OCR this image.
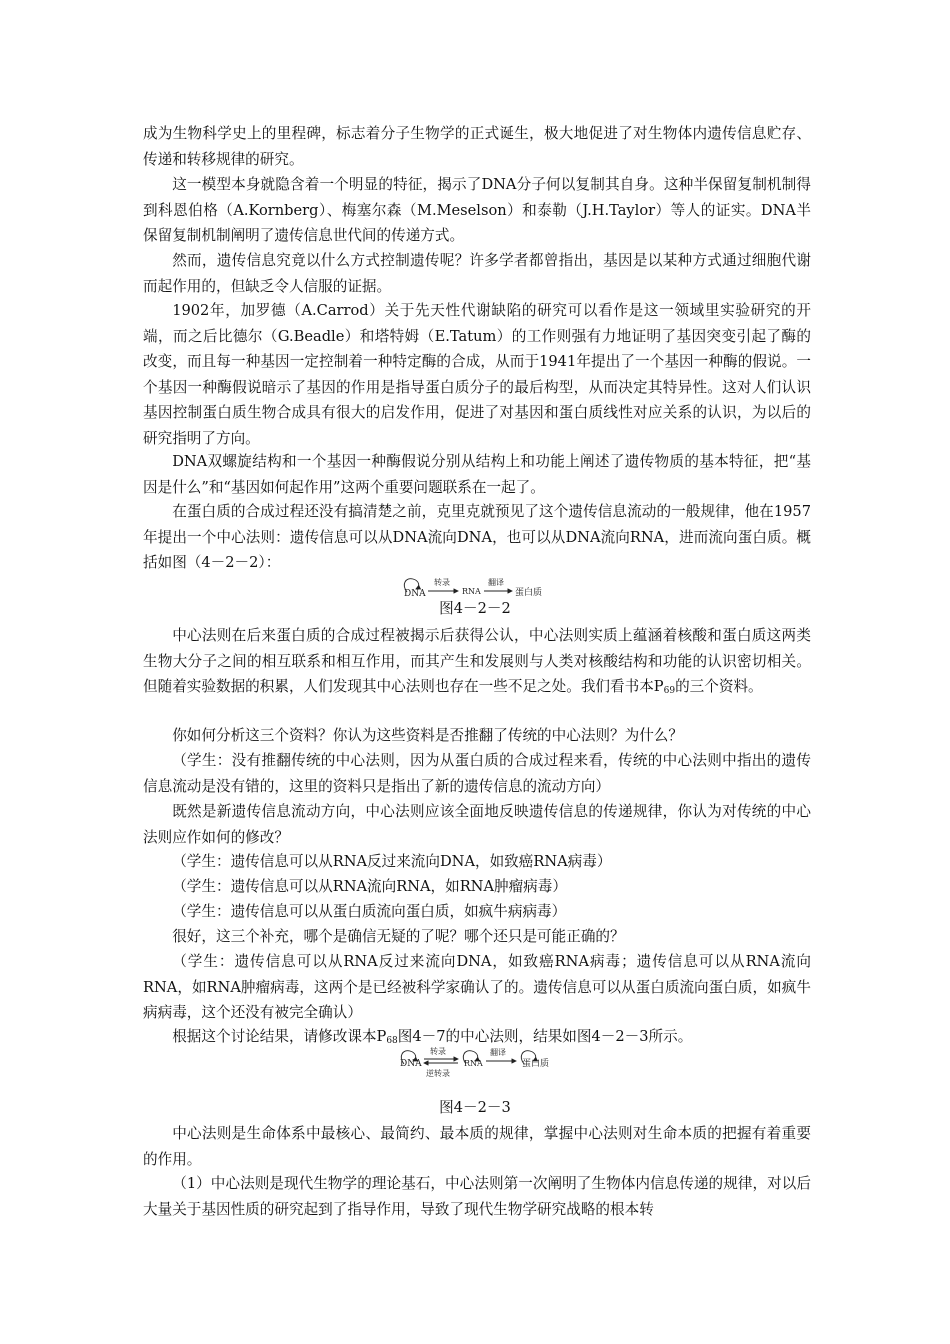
成为生物科学史上的里程碑，标志着分子生物学的正式诞生，极大地促进了对生物体内遗传信息贮存、传递和转移规律的研究。

这一模型本身就隐含着一个明显的特征，揭示了DNA分子何以复制其自身。这种半保留复制机制得到科恩伯格（A.Kornberg）、梅塞尔森（M.Meselson）和泰勒（J.H.Taylor）等人的证实。DNA半保留复制机制阐明了遗传信息世代间的传递方式。

然而，遗传信息究竟以什么方式控制遗传呢？许多学者都曾指出，基因是以某种方式通过细胞代谢而起作用的，但缺乏令人信服的证据。

1902年，加罗德（A.Carrod）关于先天性代谢缺陷的研究可以看作是这一领域里实验研究的开端，而之后比德尔（G.Beadle）和塔特姆（E.Tatum）的工作则强有力地证明了基因突变引起了酶的改变，而且每一种基因一定控制着一种特定酶的合成，从而于1941年提出了一个基因一种酶的假说。一个基因一种酶假说暗示了基因的作用是指导蛋白质分子的最后构型，从而决定其特异性。这对人们认识基因控制蛋白质生物合成具有很大的启发作用，促进了对基因和蛋白质线性对应关系的认识，为以后的研究指明了方向。

DNA双螺旋结构和一个基因一种酶假说分别从结构上和功能上阐述了遗传物质的基本特征，把“基因是什么”和“基因如何起作用”这两个重要问题联系在一起了。

在蛋白质的合成过程还没有搞清楚之前，克里克就预见了这个遗传信息流动的一般规律，他在1957年提出一个中心法则：遗传信息可以从DNA流向DNA，也可以从DNA流向RNA，进而流向蛋白质。概括如图（4－2－2）：

DNA
转录
RNA
翻译
蛋白质
图4－2－2

中心法则在后来蛋白质的合成过程被揭示后获得公认，中心法则实质上蕴涵着核酸和蛋白质这两类生物大分子之间的相互联系和相互作用，而其产生和发展则与人类对核酸结构和功能的认识密切相关。但随着实验数据的积累，人们发现其中心法则也存在一些不足之处。我们看书本$P_{69}$的三个资料。

你如何分析这三个资料？你认为这些资料是否推翻了传统的中心法则？为什么？

（学生：没有推翻传统的中心法则，因为从蛋白质的合成过程来看，传统的中心法则中指出的遗传信息流动是没有错的，这里的资料只是指出了新的遗传信息的流动方向）

既然是新遗传信息流动方向，中心法则应该全面地反映遗传信息的传递规律，你认为对传统的中心法则应作如何的修改？

（学生：遗传信息可以从RNA反过来流向DNA，如致癌RNA病毒）

（学生：遗传信息可以从RNA流向RNA，如RNA肿瘤病毒）

（学生：遗传信息可以从蛋白质流向蛋白质，如疯牛病病毒）

很好，这三个补充，哪个是确信无疑的了呢？哪个还只是可能正确的？

（学生：遗传信息可以从RNA反过来流向DNA，如致癌RNA病毒；遗传信息可以从RNA流向RNA，如RNA肿瘤病毒，这两个是已经被科学家确认了的。遗传信息可以从蛋白质流向蛋白质，如疯牛病病毒，这个还没有被完全确认）

根据这个讨论结果，请修改课本$P_{68}$图4－7的中心法则，结果如图4－2－3所示。

DNA
转录
逆转录
RNA
翻译
蛋白质
图4－2－3

中心法则是生命体系中最核心、最简约、最本质的规律，掌握中心法则对生命本质的把握有着重要的作用。

（1）中心法则是现代生物学的理论基石，中心法则第一次阐明了生物体内信息传递的规律，对以后大量关于基因性质的研究起到了指导作用，导致了现代生物学研究战略的根本转
